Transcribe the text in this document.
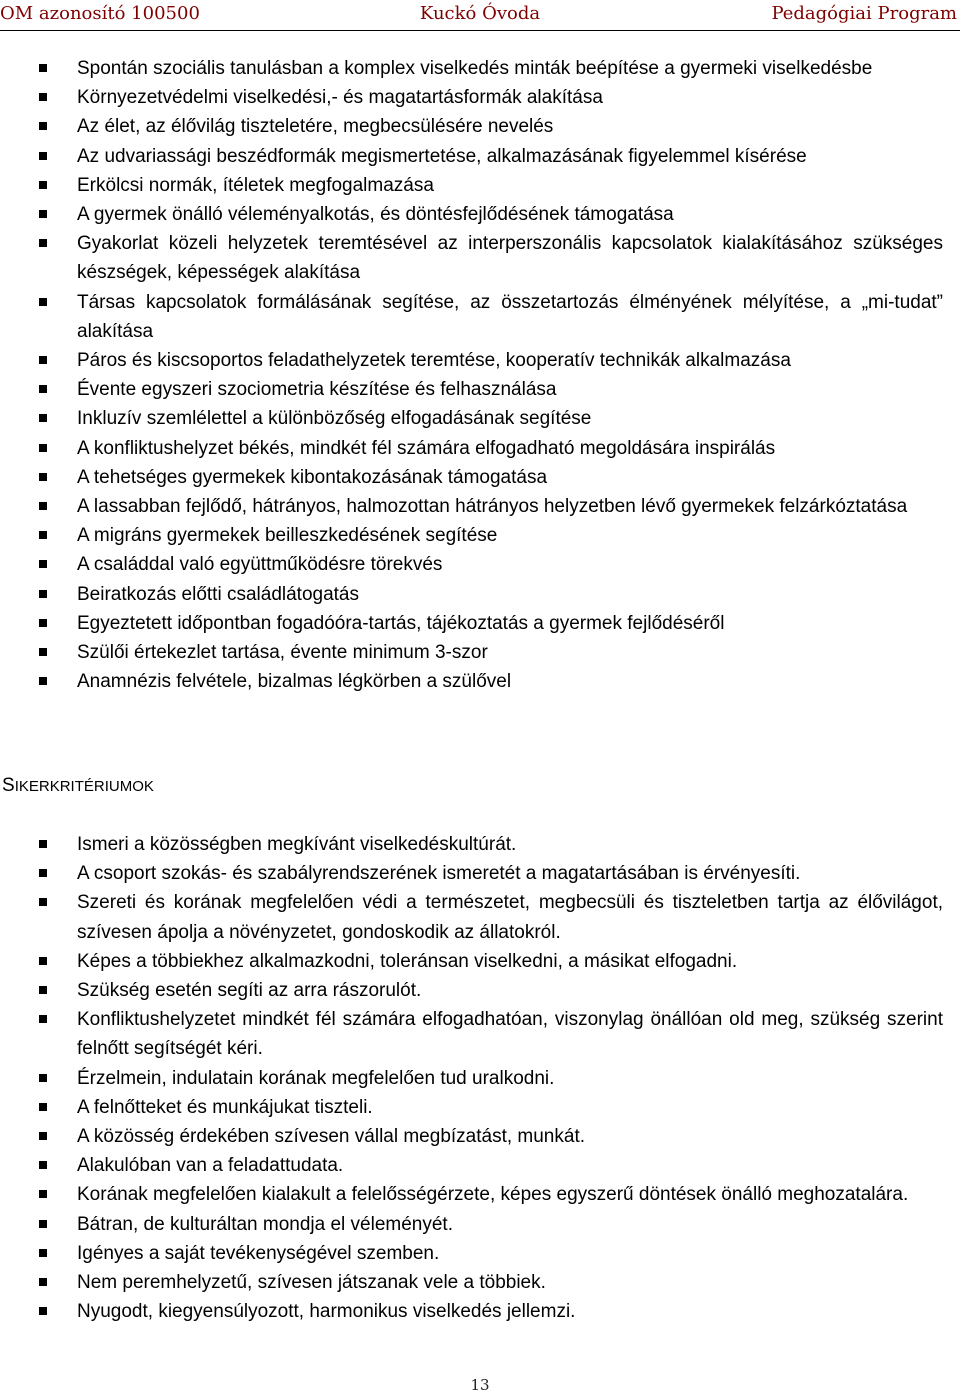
OM azonosító 100500	Kuckó Óvoda	Pedagógiai Program
Spontán szociális tanulásban a komplex viselkedés minták beépítése a gyermeki viselkedésbe
Környezetvédelmi viselkedési,- és magatartásformák alakítása
Az élet, az élővilág tiszteletére, megbecsülésére nevelés
Az udvariassági beszédformák megismertetése, alkalmazásának figyelemmel kísérése
Erkölcsi normák, ítéletek megfogalmazása
A gyermek önálló véleményalkotás, és döntésfejlődésének támogatása
Gyakorlat közeli helyzetek teremtésével az interperszonális kapcsolatok kialakításához szükséges készségek, képességek alakítása
Társas kapcsolatok formálásának segítése, az összetartozás élményének mélyítése, a „mi-tudat” alakítása
Páros és kiscsoportos feladathelyzetek teremtése, kooperatív technikák alkalmazása
Évente egyszeri szociometria készítése és felhasználása
Inkluzív szemlélettel a különbözőség elfogadásának segítése
A konfliktushelyzet békés, mindkét fél számára elfogadható megoldására inspirálás
A tehetséges gyermekek kibontakozásának támogatása
A lassabban fejlődő, hátrányos, halmozottan hátrányos helyzetben lévő gyermekek felzárkóztatása
A migráns gyermekek beilleszkedésének segítése
A családdal való együttműködésre törekvés
Beiratkozás előtti családlátogatás
Egyeztetett időpontban fogadóóra-tartás, tájékoztatás a gyermek fejlődéséről
Szülői értekezlet tartása, évente minimum 3-szor
Anamnézis felvétele, bizalmas légkörben a szülővel
SIKERKRITÉRIUMOK
Ismeri a közösségben megkívánt viselkedéskultúrát.
A csoport szokás- és szabályrendszerének ismeretét a magatartásában is érvényesíti.
Szereti és korának megfelelően védi a természetet, megbecsüli és tiszteletben tartja az élővilágot, szívesen ápolja a növényzetet, gondoskodik az állatokról.
Képes a többiekhez alkalmazkodni, toleránsan viselkedni, a másikat elfogadni.
Szükség esetén segíti az arra rászorulót.
Konfliktushelyzetet mindkét fél számára elfogadhatóan, viszonylag önállóan old meg, szükség szerint felnőtt segítségét kéri.
Érzelmein, indulatain korának megfelelően tud uralkodni.
A felnőtteket és munkájukat tiszteli.
A közösség érdekében szívesen vállal megbízatást, munkát.
Alakulóban van a feladattudata.
Korának megfelelően kialakult a felelősségérzete, képes egyszerű döntések önálló meghozatalára.
Bátran, de kulturáltan mondja el véleményét.
Igényes a saját tevékenységével szemben.
Nem peremhelyzetű, szívesen játszanak vele a többiek.
Nyugodt, kiegyensúlyozott, harmonikus viselkedés jellemzi.
13
